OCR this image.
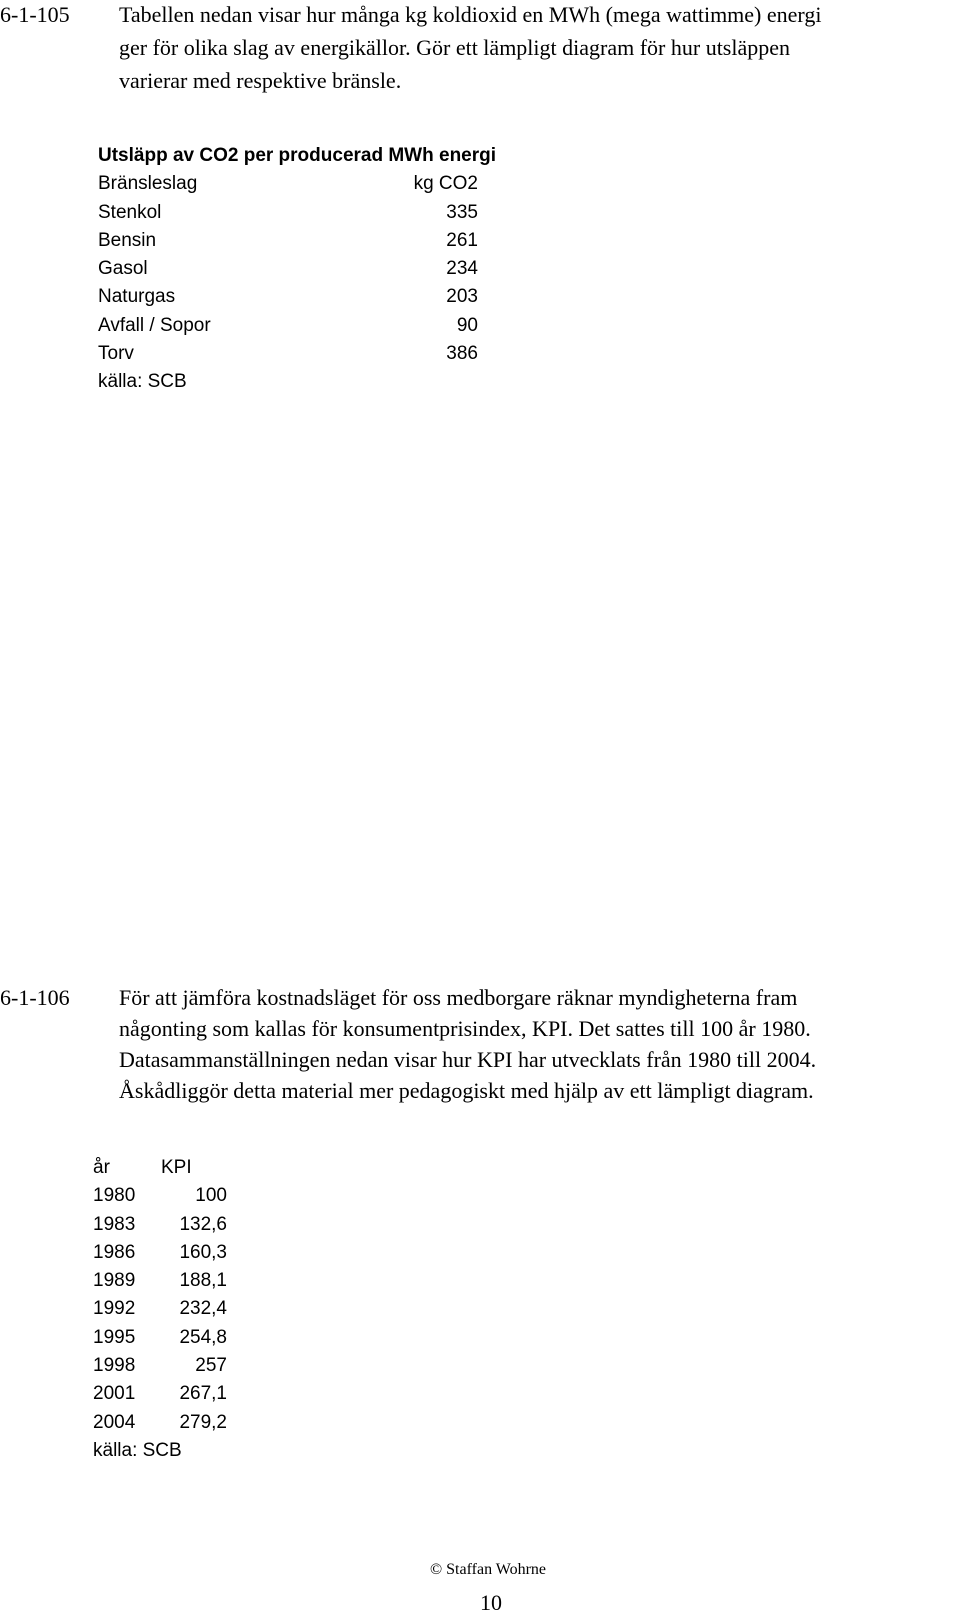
6-1-105 Tabellen nedan visar hur många kg koldioxid en MWh (mega wattimme) energi
ger för olika slag av energikällor. Gör ett lämpligt diagram för hur utsläppen
varierar med respektive bränsle.
Utsläpp av CO2 per producerad MWh energi
Bränsleslag	kg CO2
Stenkol	335
Bensin	261
Gasol	234
Naturgas	203
Avfall / Sopor	90
Torv	386
källa: SCB
6-1-106 För att jämföra kostnadsläget för oss medborgare räknar myndigheterna fram
någonting som kallas för konsumentprisindex, KPI. Det sattes till 100 år 1980.
Datasammanställningen nedan visar hur KPI har utvecklats från 1980 till 2004.
Åskådliggör detta material mer pedagogiskt med hjälp av ett lämpligt diagram.
år	KPI
1980	100
1983	132,6
1986	160,3
1989	188,1
1992	232,4
1995	254,8
1998	257
2001	267,1
2004	279,2
källa: SCB
© Staffan Wohrne
10
